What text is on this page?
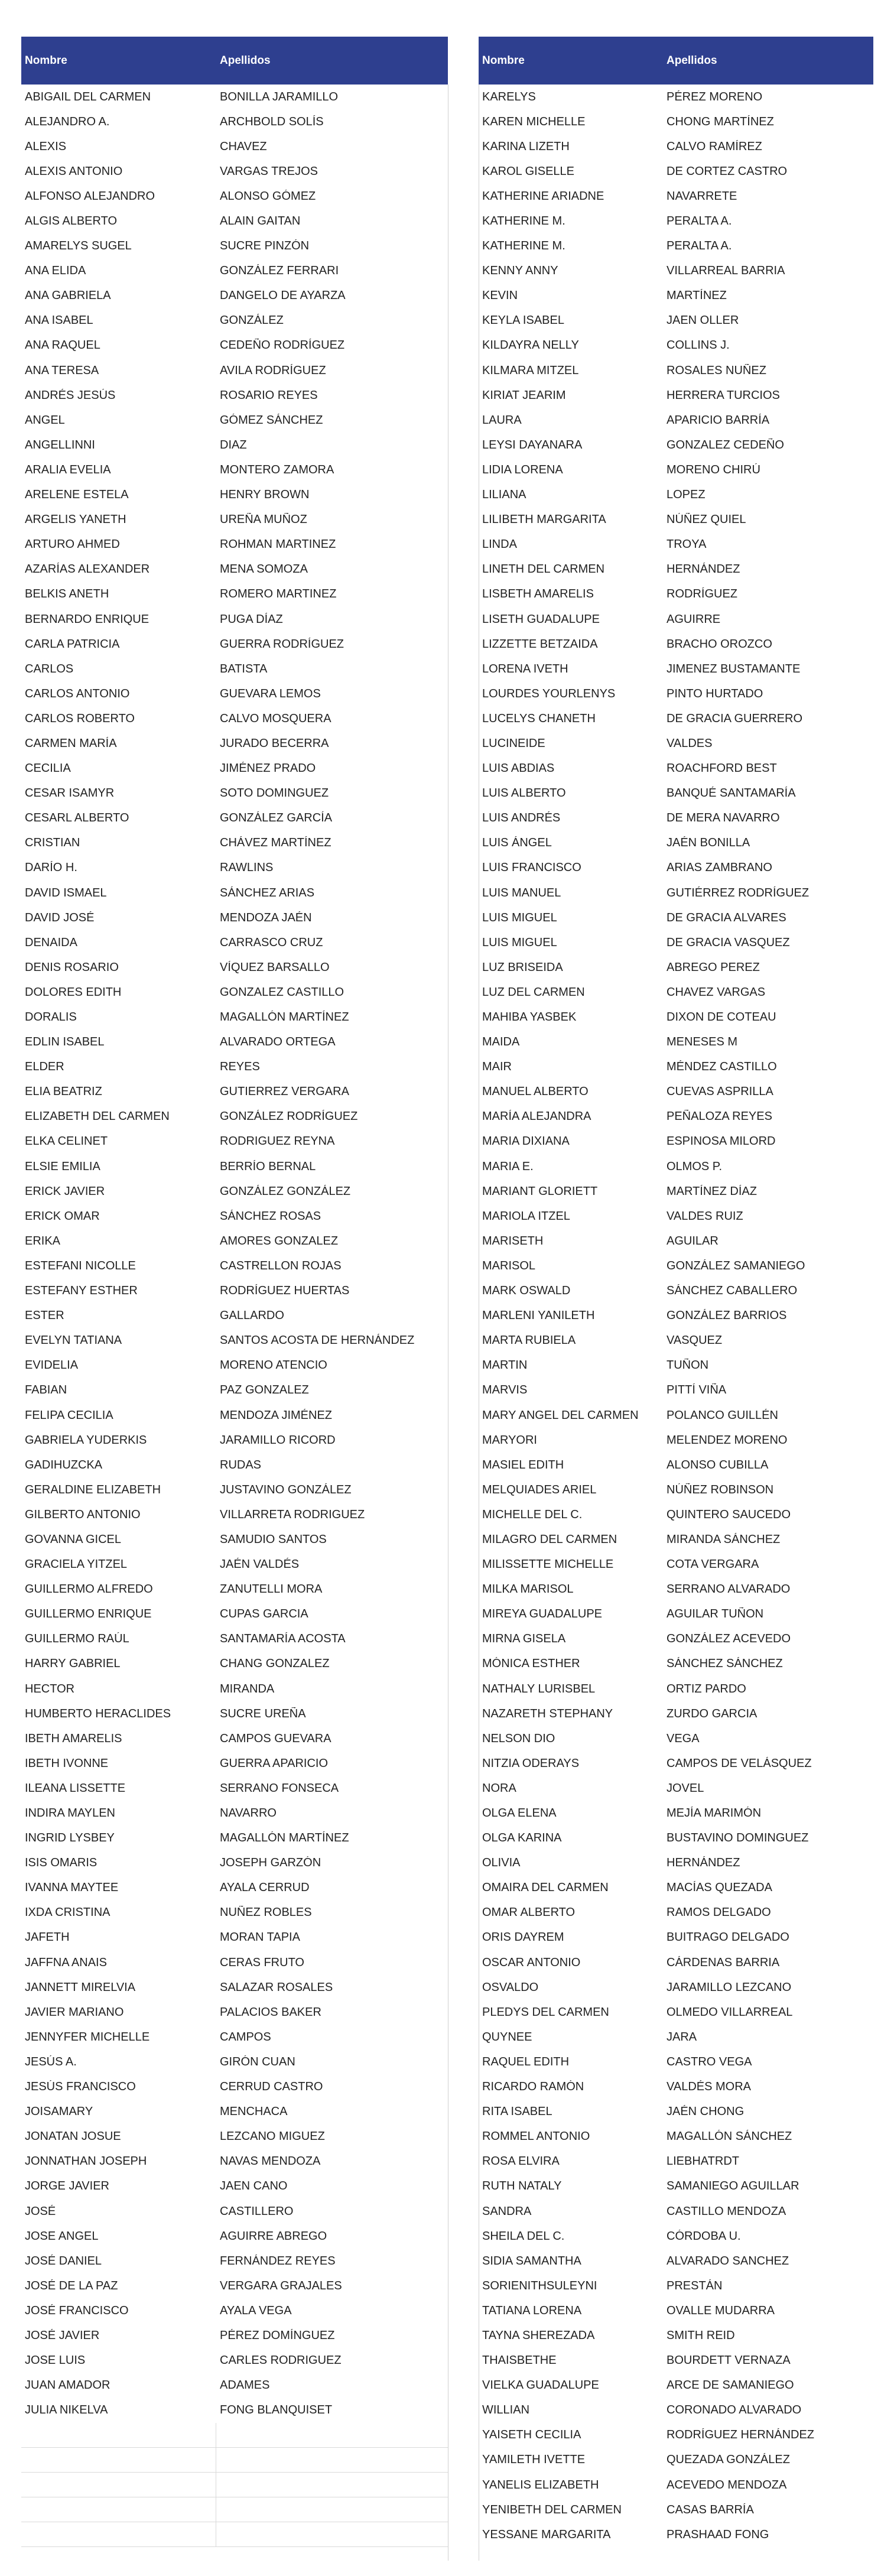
Nombre	Apellidos
ABIGAIL DEL CARMEN	BONILLA JARAMILLO
ALEJANDRO A.	ARCHBOLD SOLÍS
ALEXIS	CHAVEZ
ALEXIS ANTONIO	VARGAS TREJOS
ALFONSO ALEJANDRO	ALONSO GÓMEZ
ALGIS ALBERTO	ALAIN GAITAN
AMARELYS SUGEL	SUCRE PINZÓN
ANA ELIDA	GONZÁLEZ FERRARI
ANA GABRIELA	DANGELO DE AYARZA
ANA ISABEL	GONZÁLEZ
ANA RAQUEL	CEDEÑO RODRÍGUEZ
ANA TERESA	AVILA RODRÍGUEZ
ANDRÉS JESÚS	ROSARIO REYES
ANGEL	GÓMEZ SÁNCHEZ
ANGELLINNI	DIAZ
ARALIA EVELIA	MONTERO ZAMORA
ARELENE ESTELA	HENRY BROWN
ARGELIS YANETH	UREÑA MUÑOZ
ARTURO AHMED	ROHMAN MARTINEZ
AZARÍAS ALEXANDER	MENA SOMOZA
BELKIS ANETH	ROMERO MARTINEZ
BERNARDO ENRIQUE	PUGA DÍAZ
CARLA PATRICIA	GUERRA RODRÍGUEZ
CARLOS	BATISTA
CARLOS ANTONIO	GUEVARA LEMOS
CARLOS ROBERTO	CALVO MOSQUERA
CARMEN MARÍA	JURADO BECERRA
CECILIA	JIMÉNEZ PRADO
CESAR ISAMYR	SOTO DOMINGUEZ
CESARL ALBERTO	GONZÁLEZ GARCÍA
CRISTIAN	CHÁVEZ MARTÍNEZ
DARÍO H.	RAWLINS
DAVID ISMAEL	SÁNCHEZ ARIAS
DAVID JOSÉ	MENDOZA JAÉN
DENAIDA	CARRASCO CRUZ
DENIS ROSARIO	VÍQUEZ BARSALLO
DOLORES EDITH	GONZALEZ CASTILLO
DORALIS	MAGALLÓN MARTÍNEZ
EDLIN ISABEL	ALVARADO ORTEGA
ELDER	REYES
ELIA BEATRIZ	GUTIERREZ VERGARA
ELIZABETH DEL CARMEN	GONZÁLEZ RODRÍGUEZ
ELKA CELINET	RODRIGUEZ REYNA
ELSIE EMILIA	BERRÍO BERNAL
ERICK JAVIER	GONZÁLEZ GONZÁLEZ
ERICK OMAR	SÁNCHEZ ROSAS
ERIKA	AMORES GONZALEZ
ESTEFANI NICOLLE	CASTRELLON ROJAS
ESTEFANY ESTHER	RODRÍGUEZ HUERTAS
ESTER	GALLARDO
EVELYN TATIANA	SANTOS ACOSTA DE HERNÁNDEZ
EVIDELIA	MORENO ATENCIO
FABIAN	PAZ GONZALEZ
FELIPA CECILIA	MENDOZA JIMÉNEZ
GABRIELA YUDERKIS	JARAMILLO RICORD
GADIHUZCKA	RUDAS
GERALDINE ELIZABETH	JUSTAVINO GONZÁLEZ
GILBERTO ANTONIO	VILLARRETA RODRIGUEZ
GOVANNA GICEL	SAMUDIO SANTOS
GRACIELA YITZEL	JAÉN VALDÉS
GUILLERMO ALFREDO	ZANUTELLI MORA
GUILLERMO ENRIQUE	CUPAS GARCIA
GUILLERMO RAÚL	SANTAMARÍA ACOSTA
HARRY GABRIEL	CHANG GONZALEZ
HECTOR	MIRANDA
HUMBERTO HERACLIDES	SUCRE UREÑA
IBETH AMARELIS	CAMPOS GUEVARA
IBETH IVONNE	GUERRA APARICIO
ILEANA LISSETTE	SERRANO FONSECA
INDIRA MAYLEN	NAVARRO
INGRID LYSBEY	MAGALLÓN MARTÍNEZ
ISIS OMARIS	JOSEPH GARZÓN
IVANNA MAYTEE	AYALA CERRUD
IXDA CRISTINA	NUÑEZ ROBLES
JAFETH	MORAN TAPIA
JAFFNA ANAIS	CERAS FRUTO
JANNETT MIRELVIA	SALAZAR ROSALES
JAVIER MARIANO	PALACIOS BAKER
JENNYFER MICHELLE	CAMPOS
JESÚS A.	GIRÓN CUAN
JESÚS FRANCISCO	CERRUD CASTRO
JOISAMARY	MENCHACA
JONATAN JOSUE	LEZCANO MIGUEZ
JONNATHAN JOSEPH	NAVAS MENDOZA
JORGE JAVIER	JAEN CANO
JOSÉ	CASTILLERO
JOSE ANGEL	AGUIRRE ABREGO
JOSÉ DANIEL	FERNÁNDEZ REYES
JOSÉ DE LA PAZ	VERGARA GRAJALES
JOSÉ FRANCISCO	AYALA VEGA
JOSÉ JAVIER	PÉREZ DOMÍNGUEZ
JOSE LUIS	CARLES RODRIGUEZ
JUAN AMADOR	ADAMES
JULIA NIKELVA	FONG BLANQUISET
Nombre	Apellidos
KARELYS	PÉREZ MORENO
KAREN MICHELLE	CHONG MARTÍNEZ
KARINA LIZETH	CALVO RAMÍREZ
KAROL GISELLE	DE CORTEZ CASTRO
KATHERINE ARIADNE	NAVARRETE
KATHERINE M.	PERALTA A.
KATHERINE M.	PERALTA A.
KENNY ANNY	VILLARREAL BARRIA
KEVIN	MARTÍNEZ
KEYLA ISABEL	JAEN OLLER
KILDAYRA NELLY	COLLINS J.
KILMARA MITZEL	ROSALES NUÑEZ
KIRIAT JEARIM	HERRERA TURCIOS
LAURA	APARICIO BARRÍA
LEYSI DAYANARA	GONZALEZ CEDEÑO
LIDIA LORENA	MORENO CHIRÚ
LILIANA	LOPEZ
LILIBETH MARGARITA	NÚÑEZ QUIEL
LINDA	TROYA
LINETH DEL CARMEN	HERNÁNDEZ
LISBETH AMARELIS	RODRÍGUEZ
LISETH GUADALUPE	AGUIRRE
LIZZETTE BETZAIDA	BRACHO OROZCO
LORENA IVETH	JIMENEZ BUSTAMANTE
LOURDES YOURLENYS	PINTO HURTADO
LUCELYS CHANETH	DE GRACIA GUERRERO
LUCINEIDE	VALDES
LUIS ABDIAS	ROACHFORD BEST
LUIS ALBERTO	BANQUÉ SANTAMARÍA
LUIS ANDRÉS	DE MERA NAVARRO
LUIS ÁNGEL	JAÉN BONILLA
LUIS FRANCISCO	ARIAS ZAMBRANO
LUIS MANUEL	GUTIÉRREZ RODRÍGUEZ
LUIS MIGUEL	DE GRACIA ALVARES
LUIS MIGUEL	DE GRACIA VASQUEZ
LUZ BRISEIDA	ABREGO PEREZ
LUZ DEL CARMEN	CHAVEZ VARGAS
MAHIBA YASBEK	DIXON DE COTEAU
MAIDA	MENESES M
MAIR	MÉNDEZ CASTILLO
MANUEL ALBERTO	CUEVAS ASPRILLA
MARÍA ALEJANDRA	PEÑALOZA REYES
MARIA DIXIANA	ESPINOSA MILORD
MARIA E.	OLMOS P.
MARIANT GLORIETT	MARTÍNEZ DÍAZ
MARIOLA ITZEL	VALDES RUIZ
MARISETH	AGUILAR
MARISOL	GONZÁLEZ SAMANIEGO
MARK OSWALD	SÁNCHEZ CABALLERO
MARLENI YANILETH	GONZÁLEZ BARRIOS
MARTA RUBIELA	VASQUEZ
MARTIN	TUÑON
MARVIS	PITTÍ VIÑA
MARY ANGEL DEL CARMEN	POLANCO GUILLÉN
MARYORI	MELENDEZ MORENO
MASIEL EDITH	ALONSO CUBILLA
MELQUIADES ARIEL	NÚÑEZ ROBINSON
MICHELLE DEL C.	QUINTERO SAUCEDO
MILAGRO DEL CARMEN	MIRANDA SÁNCHEZ
MILISSETTE MICHELLE	COTA VERGARA
MILKA MARISOL	SERRANO ALVARADO
MIREYA GUADALUPE	AGUILAR TUÑON
MIRNA GISELA	GONZÁLEZ ACEVEDO
MÓNICA ESTHER	SÁNCHEZ SÁNCHEZ
NATHALY LURISBEL	ORTIZ PARDO
NAZARETH STEPHANY	ZURDO GARCIA
NELSON DIO	VEGA
NITZIA ODERAYS	CAMPOS DE VELÁSQUEZ
NORA	JOVEL
OLGA ELENA	MEJÍA MARIMÓN
OLGA KARINA	BUSTAVINO DOMINGUEZ
OLIVIA	HERNÁNDEZ
OMAIRA DEL CARMEN	MACÍAS QUEZADA
OMAR ALBERTO	RAMOS DELGADO
ORIS DAYREM	BUITRAGO DELGADO
OSCAR ANTONIO	CÁRDENAS BARRIA
OSVALDO	JARAMILLO LEZCANO
PLEDYS DEL CARMEN	OLMEDO VILLARREAL
QUYNEE	JARA
RAQUEL EDITH	CASTRO VEGA
RICARDO RAMÓN	VALDÉS MORA
RITA ISABEL	JAÉN CHONG
ROMMEL ANTONIO	MAGALLÓN SÁNCHEZ
ROSA ELVIRA	LIEBHATRDT
RUTH NATALY	SAMANIEGO AGUILLAR
SANDRA	CASTILLO MENDOZA
SHEILA DEL C.	CÓRDOBA U.
SIDIA SAMANTHA	ALVARADO SANCHEZ
SORIENITHSULEYNI	PRESTÁN
TATIANA LORENA	OVALLE MUDARRA
TAYNA SHEREZADA	SMITH REID
THAISBETHE	BOURDETT VERNAZA
VIELKA GUADALUPE	ARCE DE SAMANIEGO
WILLIAN	CORONADO ALVARADO
YAISETH CECILIA	RODRÍGUEZ HERNÁNDEZ
YAMILETH IVETTE	QUEZADA GONZÁLEZ
YANELIS ELIZABETH	ACEVEDO MENDOZA
YENIBETH DEL CARMEN	CASAS BARRÍA
YESSANE MARGARITA	PRASHAAD FONG
